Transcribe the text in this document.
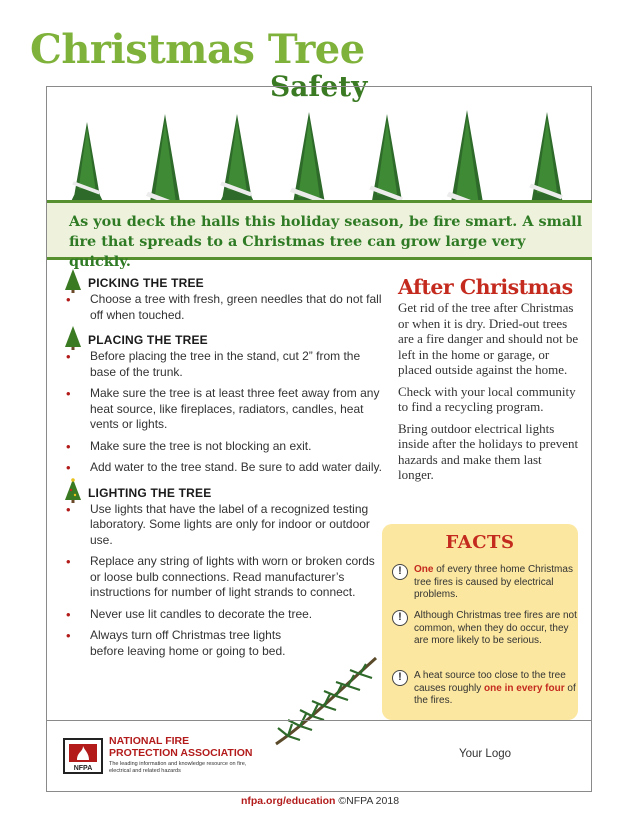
Christmas Tree
Safety
As you deck the halls this holiday season, be fire smart. A small fire that spreads to a Christmas tree can grow large very quickly.
PICKING THE TREE
• Choose a tree with fresh, green needles that do not fall off when touched.
PLACING THE TREE
• Before placing the tree in the stand, cut 2” from the base of the trunk.
• Make sure the tree is at least three feet away from any heat source, like fireplaces, radiators, candles, heat vents or lights.
• Make sure the tree is not blocking an exit.
• Add water to the tree stand. Be sure to add water daily.
LIGHTING THE TREE
• Use lights that have the label of a recognized testing laboratory. Some lights are only for indoor or outdoor use.
• Replace any string of lights with worn or broken cords or loose bulb connections. Read manufacturer’s instructions for number of light strands to connect.
• Never use lit candles to decorate the tree.
• Always turn off Christmas tree lights before leaving home or going to bed.
After Christmas
Get rid of the tree after Christmas or when it is dry. Dried-out trees are a fire danger and should not be left in the home or garage, or placed outside against the home.
Check with your local community to find a recycling program.
Bring outdoor electrical lights inside after the holidays to prevent hazards and make them last longer.
FACTS
!	One of every three home Christmas tree fires is caused by electrical problems.
!	Although Christmas tree fires are not common, when they do occur, they are more likely to be serious.
!	A heat source too close to the tree causes roughly one in every four of the fires.
NFPA
NATIONAL FIRE
PROTECTION ASSOCIATION
The leading information and knowledge resource on fire, electrical and related hazards
Your Logo
nfpa.org/education ©NFPA 2018
